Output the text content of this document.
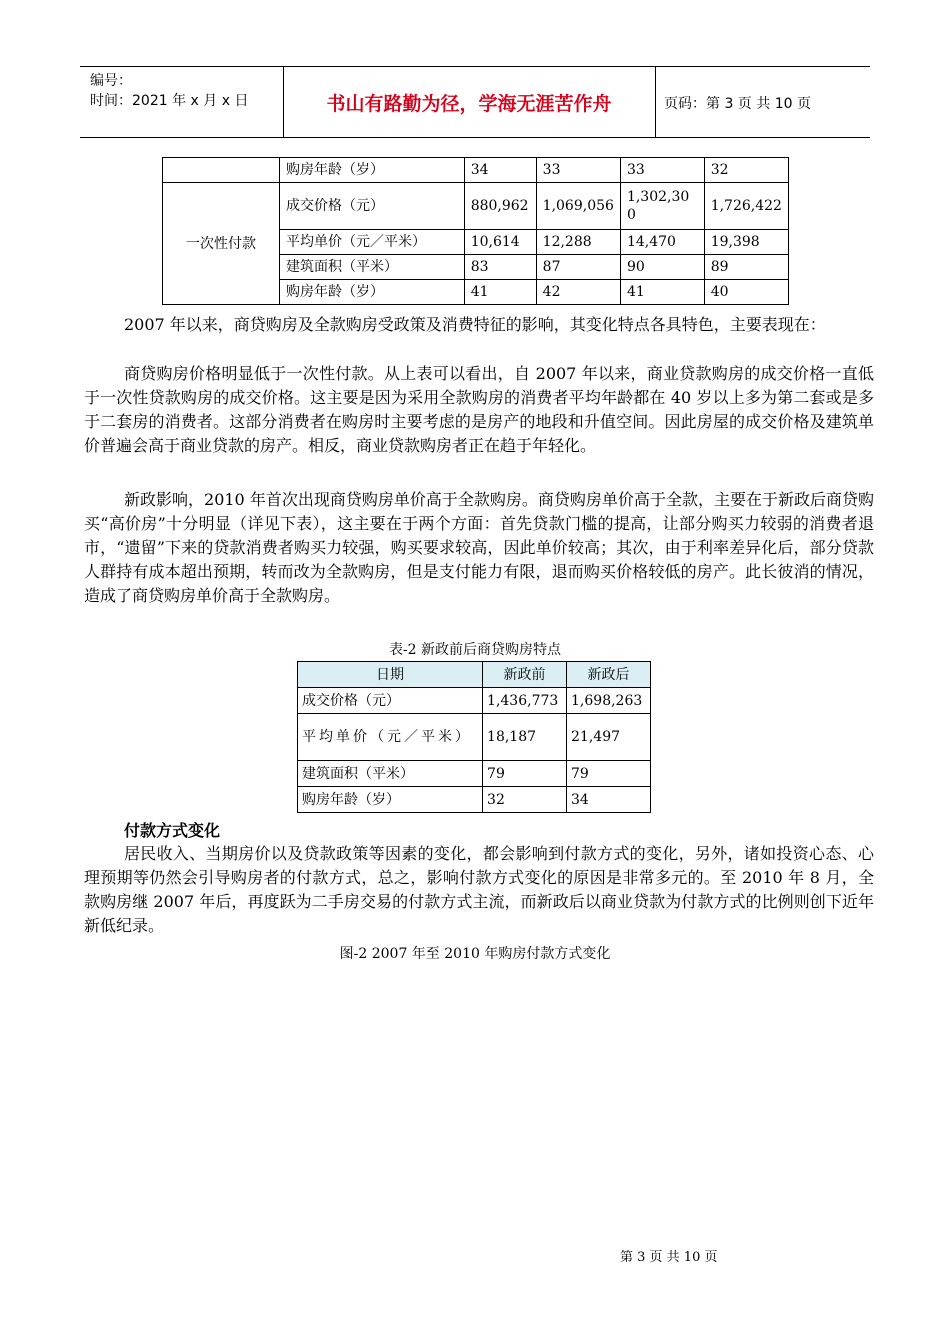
编号：
时间：2021 年 x 月 x 日	书山有路勤为径，学海无涯苦作舟	页码：第 3 页 共 10 页
	购房年龄（岁）	34	33	33	32
一次性付款	成交价格（元）	880,962	1,069,056	1,302,300	1,726,422
	平均单价（元／平米）	10,614	12,288	14,470	19,398
	建筑面积（平米）	83	87	90	89
	购房年龄（岁）	41	42	41	40

2007 年以来，商贷购房及全款购房受政策及消费特征的影响，其变化特点各具特色，主要表现在：

商贷购房价格明显低于一次性付款。从上表可以看出，自 2007 年以来，商业贷款购房的成交价格一直低于一次性贷款购房的成交价格。这主要是因为采用全款购房的消费者平均年龄都在 40 岁以上多为第二套或是多于二套房的消费者。这部分消费者在购房时主要考虑的是房产的地段和升值空间。因此房屋的成交价格及建筑单价普遍会高于商业贷款的房产。相反，商业贷款购房者正在趋于年轻化。

新政影响，2010 年首次出现商贷购房单价高于全款购房。商贷购房单价高于全款，主要在于新政后商贷购买“高价房”十分明显（详见下表），这主要在于两个方面：首先贷款门槛的提高，让部分购买力较弱的消费者退市，“遗留”下来的贷款消费者购买力较强，购买要求较高，因此单价较高；其次，由于利率差异化后，部分贷款人群持有成本超出预期，转而改为全款购房，但是支付能力有限，退而购买价格较低的房产。此长彼消的情况，造成了商贷购房单价高于全款购房。

表-2 新政前后商贷购房特点

日期	新政前	新政后
成交价格（元）	1,436,773	1,698,263
平均单价（元／平米）	18,187	21,497
建筑面积（平米）	79	79
购房年龄（岁）	32	34

付款方式变化

居民收入、当期房价以及贷款政策等因素的变化，都会影响到付款方式的变化，另外，诸如投资心态、心理预期等仍然会引导购房者的付款方式，总之，影响付款方式变化的原因是非常多元的。至 2010 年 8 月，全款购房继 2007 年后，再度跃为二手房交易的付款方式主流，而新政后以商业贷款为付款方式的比例则创下近年新低纪录。

图-2 2007 年至 2010 年购房付款方式变化

第 3 页 共 10 页
